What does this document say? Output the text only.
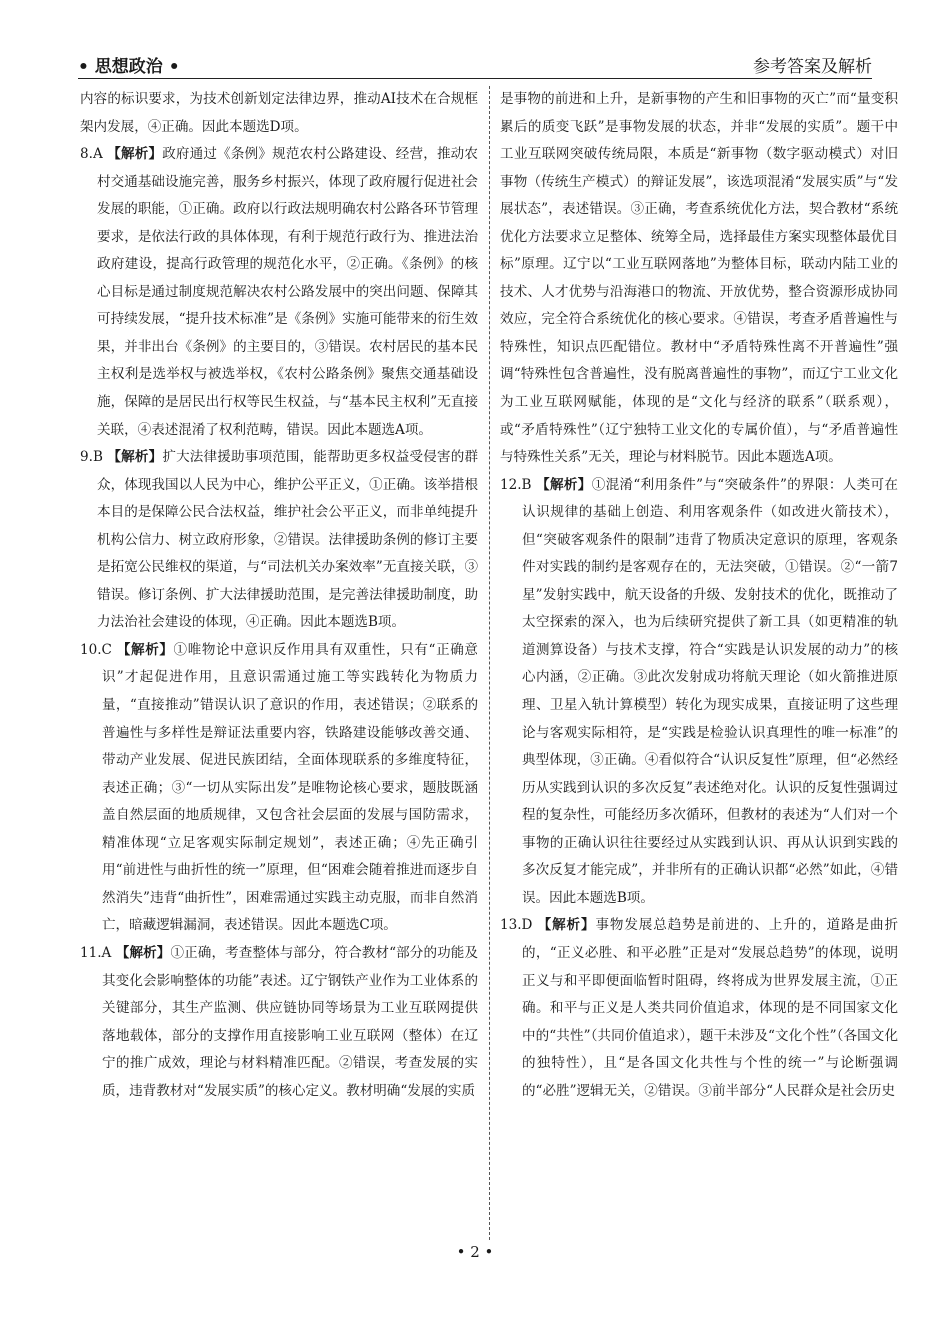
• 思想政治 •	参考答案及解析
内容的标识要求，为技术创新划定法律边界，推动AI技术在合规框架内发展，④正确。因此本题选D项。

8.A 【解析】政府通过《条例》规范农村公路建设、经营，推动农村交通基础设施完善，服务乡村振兴，体现了政府履行促进社会发展的职能，①正确。政府以行政法规明确农村公路各环节管理要求，是依法行政的具体体现，有利于规范行政行为、推进法治政府建设，提高行政管理的规范化水平，②正确。《条例》的核心目标是通过制度规范解决农村公路发展中的突出问题、保障其可持续发展，“提升技术标准”是《条例》实施可能带来的衍生效果，并非出台《条例》的主要目的，③错误。农村居民的基本民主权利是选举权与被选举权，《农村公路条例》聚焦交通基础设施，保障的是居民出行权等民生权益，与“基本民主权利”无直接关联，④表述混淆了权利范畴，错误。因此本题选A项。

9.B 【解析】扩大法律援助事项范围，能帮助更多权益受侵害的群众，体现我国以人民为中心，维护公平正义，①正确。该举措根本目的是保障公民合法权益，维护社会公平正义，而非单纯提升机构公信力、树立政府形象，②错误。法律援助条例的修订主要是拓宽公民维权的渠道，与“司法机关办案效率”无直接关联，③错误。修订条例、扩大法律援助范围，是完善法律援助制度，助力法治社会建设的体现，④正确。因此本题选B项。

10.C 【解析】①唯物论中意识反作用具有双重性，只有“正确意识”才起促进作用，且意识需通过施工等实践转化为物质力量，“直接推动”错误认识了意识的作用，表述错误；②联系的普遍性与多样性是辩证法重要内容，铁路建设能够改善交通、带动产业发展、促进民族团结，全面体现联系的多维度特征，表述正确；③“一切从实际出发”是唯物论核心要求，题肢既涵盖自然层面的地质规律，又包含社会层面的发展与国防需求，精准体现“立足客观实际制定规划”，表述正确；④先正确引用“前进性与曲折性的统一”原理，但“困难会随着推进而逐步自然消失”违背“曲折性”，困难需通过实践主动克服，而非自然消亡，暗藏逻辑漏洞，表述错误。因此本题选C项。

11.A 【解析】①正确，考查整体与部分，符合教材“部分的功能及其变化会影响整体的功能”表述。辽宁钢铁产业作为工业体系的关键部分，其生产监测、供应链协同等场景为工业互联网提供落地载体，部分的支撑作用直接影响工业互联网（整体）在辽宁的推广成效，理论与材料精准匹配。②错误，考查发展的实质，违背教材对“发展实质”的核心定义。教材明确“发展的实质

是事物的前进和上升，是新事物的产生和旧事物的灭亡”而“量变积累后的质变飞跃”是事物发展的状态，并非“发展的实质”。题干中工业互联网突破传统局限，本质是“新事物（数字驱动模式）对旧事物（传统生产模式）的辩证发展”，该选项混淆“发展实质”与“发展状态”，表述错误。③正确，考查系统优化方法，契合教材“系统优化方法要求立足整体、统筹全局，选择最佳方案实现整体最优目标”原理。辽宁以“工业互联网落地”为整体目标，联动内陆工业的技术、人才优势与沿海港口的物流、开放优势，整合资源形成协同效应，完全符合系统优化的核心要求。④错误，考查矛盾普遍性与特殊性，知识点匹配错位。教材中“矛盾特殊性离不开普遍性”强调“特殊性包含普遍性，没有脱离普遍性的事物”，而辽宁工业文化为工业互联网赋能，体现的是“文化与经济的联系”（联系观），或“矛盾特殊性”（辽宁独特工业文化的专属价值），与“矛盾普遍性与特殊性关系”无关，理论与材料脱节。因此本题选A项。

12.B 【解析】①混淆“利用条件”与“突破条件”的界限：人类可在认识规律的基础上创造、利用客观条件（如改进火箭技术），但“突破客观条件的限制”违背了物质决定意识的原理，客观条件对实践的制约是客观存在的，无法突破，①错误。②“一箭7星”发射实践中，航天设备的升级、发射技术的优化，既推动了太空探索的深入，也为后续研究提供了新工具（如更精准的轨道测算设备）与技术支撑，符合“实践是认识发展的动力”的核心内涵，②正确。③此次发射成功将航天理论（如火箭推进原理、卫星入轨计算模型）转化为现实成果，直接证明了这些理论与客观实际相符，是“实践是检验认识真理性的唯一标准”的典型体现，③正确。④看似符合“认识反复性”原理，但“必然经历从实践到认识的多次反复”表述绝对化。认识的反复性强调过程的复杂性，可能经历多次循环，但教材的表述为“人们对一个事物的正确认识往往要经过从实践到认识、再从认识到实践的多次反复才能完成”，并非所有的正确认识都“必然”如此，④错误。因此本题选B项。

13.D 【解析】事物发展总趋势是前进的、上升的，道路是曲折的，“正义必胜、和平必胜”正是对“发展总趋势”的体现，说明正义与和平即便面临暂时阻碍，终将成为世界发展主流，①正确。和平与正义是人类共同价值追求，体现的是不同国家文化中的“共性”（共同价值追求），题干未涉及“文化个性”（各国文化的独特性），且“是各国文化共性与个性的统一”与论断强调的“必胜”逻辑无关，②错误。③前半部分“人民群众是社会历史

• 2 •
